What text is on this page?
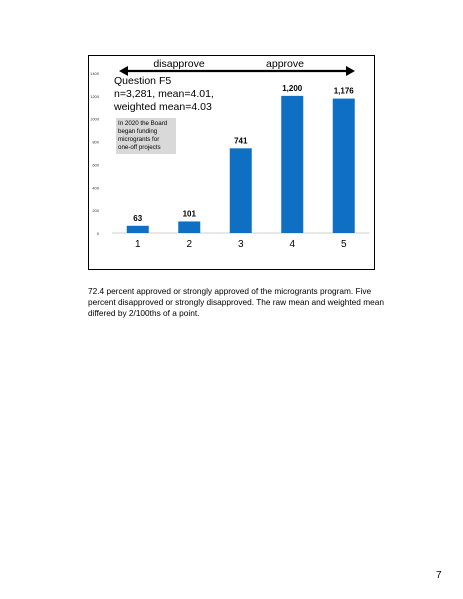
0
200
400
600
800
1000
1200
1400
63
1
101
2
741
3
1,200
4
1,176
5
disapprove	approve
Question F5
n=3,281, mean=4.01,
weighted mean=4.03
In 2020 the Board
began funding
microgrants for
one-off projects
72.4 percent approved or strongly approved of the microgrants program. Five percent disapproved or strongly disapproved. The raw mean and weighted mean differed by 2/100ths of a point.
7
